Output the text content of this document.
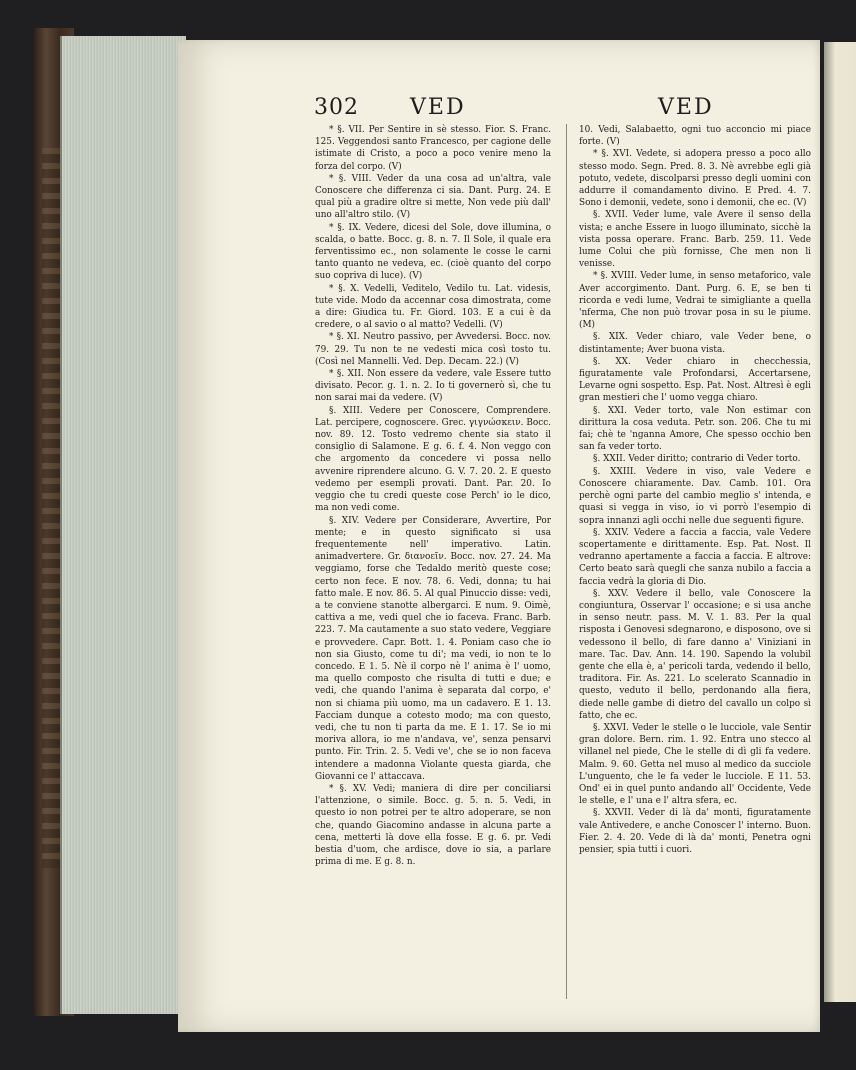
302 VED	VED

* §. VII. Per Sentire in sè stesso. Fior. S. Franc. 125. Veggendosi santo Francesco, per cagione delle istimate di Cristo, a poco a poco venire meno la forza del corpo. (V)

* §. VIII. Veder da una cosa ad un'altra, vale Conoscere che differenza ci sia. Dant. Purg. 24. E qual più a gradire oltre si mette, Non vede più dall' uno all'altro stilo. (V)

* §. IX. Vedere, dicesi del Sole, dove illumina, o scalda, o batte. Bocc. g. 8. n. 7. Il Sole, il quale era ferventissimo ec., non solamente le cosse le carni tanto quanto ne vedeva, ec. (cioè quanto del corpo suo copriva di luce). (V)

* §. X. Vedelli, Veditelo, Vedilo tu. Lat. videsis, tute vide. Modo da accennar cosa dimostrata, come a dire: Giudica tu. Fr. Giord. 103. E a cui è da credere, o al savio o al matto? Vedelli. (V)

* §. XI. Neutro passivo, per Avvedersi. Bocc. nov. 79. 29. Tu non te ne vedesti mica così tosto tu. (Così nel Mannelli. Ved. Dep. Decam. 22.) (V)

* §. XII. Non essere da vedere, vale Essere tutto divisato. Pecor. g. 1. n. 2. Io ti governerò sì, che tu non sarai mai da vedere. (V)

§. XIII. Vedere per Conoscere, Comprendere. Lat. percipere, cognoscere. Grec. γιγνώσκειν. Bocc. nov. 89. 12. Tosto vedremo chente sia stato il consiglio di Salamone. E g. 6. f. 4. Non veggo con che argomento da concedere vi possa nello avvenire riprendere alcuno. G. V. 7. 20. 2. E questo vedemo per esempli provati. Dant. Par. 20. Io veggio che tu credi queste cose Perch' io le dico, ma non vedi come.

§. XIV. Vedere per Considerare, Avvertire, Por mente; e in questo significato si usa frequentemente nell' imperativo. Latin. animadvertere. Gr. διανοεῖν. Bocc. nov. 27. 24. Ma veggiamo, forse che Tedaldo meritò queste cose; certo non fece. E nov. 78. 6. Vedi, donna; tu hai fatto male. E nov. 86. 5. Al qual Pinuccio disse: vedi, a te conviene stanotte albergarci. E num. 9. Oimè, cattiva a me, vedi quel che io faceva. Franc. Barb. 223. 7. Ma cautamente a suo stato vedere, Veggiare e provvedere. Capr. Bott. 1. 4. Poniam caso che io non sia Giusto, come tu di'; ma vedi, io non te lo concedo. E 1. 5. Nè il corpo nè l' anima è l' uomo, ma quello composto che risulta di tutti e due; e vedi, che quando l'anima è separata dal corpo, e' non si chiama più uomo, ma un cadavero. E 1. 13. Facciam dunque a cotesto modo; ma con questo, vedi, che tu non ti parta da me. E 1. 17. Se io mi moriva allora, io me n'andava, ve', senza pensarvi punto. Fir. Trin. 2. 5. Vedi ve', che se io non faceva intendere a madonna Violante questa giarda, che Giovanni ce l' attaccava.

* §. XV. Vedi; maniera di dire per conciliarsi l'attenzione, o simile. Bocc. g. 5. n. 5. Vedi, in questo io non potrei per te altro adoperare, se non che, quando Giacomino andasse in alcuna parte a cena, metterti là dove ella fosse. E g. 6. pr. Vedi bestia d'uom, che ardisce, dove io sia, a parlare prima di me. E g. 8. n.

10. Vedi, Salabaetto, ogni tuo acconcio mi piace forte. (V)

* §. XVI. Vedete, si adopera presso a poco allo stesso modo. Segn. Pred. 8. 3. Nè avrebbe egli già potuto, vedete, discolparsi presso degli uomini con addurre il comandamento divino. E Pred. 4. 7. Sono i demonii, vedete, sono i demonii, che ec. (V)

§. XVII. Veder lume, vale Avere il senso della vista; e anche Essere in luogo illuminato, sicchè la vista possa operare. Franc. Barb. 259. 11. Vede lume Colui che più fornisse, Che men non li venisse.

* §. XVIII. Veder lume, in senso metaforico, vale Aver accorgimento. Dant. Purg. 6. E, se ben ti ricorda e vedi lume, Vedrai te simigliante a quella 'nferma, Che non può trovar posa in su le piume. (M)

§. XIX. Veder chiaro, vale Veder bene, o distintamente; Aver buona vista.

§. XX. Veder chiaro in checchessia, figuratamente vale Profondarsi, Accertarsene, Levarne ogni sospetto. Esp. Pat. Nost. Altresì è egli gran mestieri che l' uomo vegga chiaro.

§. XXI. Veder torto, vale Non estimar con dirittura la cosa veduta. Petr. son. 206. Che tu mi fai; chè te 'nganna Amore, Che spesso occhio ben san fa veder torto.

§. XXII. Veder diritto; contrario di Veder torto.

§. XXIII. Vedere in viso, vale Vedere e Conoscere chiaramente. Dav. Camb. 101. Ora perchè ogni parte del cambio meglio s' intenda, e quasi si vegga in viso, io vi porrò l'esempio di sopra innanzi agli occhi nelle due seguenti figure.

§. XXIV. Vedere a faccia a faccia, vale Vedere scopertamente e dirittamente. Esp. Pat. Nost. Il vedranno apertamente a faccia a faccia. E altrove: Certo beato sarà quegli che sanza nubilo a faccia a faccia vedrà la gloria di Dio.

§. XXV. Vedere il bello, vale Conoscere la congiuntura, Osservar l' occasione; e si usa anche in senso neutr. pass. M. V. 1. 83. Per la qual risposta i Genovesi sdegnarono, e disposono, ove si vedessono il bello, di fare danno a' Viniziani in mare. Tac. Dav. Ann. 14. 190. Sapendo la volubil gente che ella è, a' pericoli tarda, vedendo il bello, traditora. Fir. As. 221. Lo scelerato Scannadio in questo, veduto il bello, perdonando alla fiera, diede nelle gambe di dietro del cavallo un colpo sì fatto, che ec.

§. XXVI. Veder le stelle o le lucciole, vale Sentir gran dolore. Bern. rim. 1. 92. Entra uno stecco al villanel nel piede, Che le stelle di dì gli fa vedere. Malm. 9. 60. Getta nel muso al medico da succiole L'unguento, che le fa veder le lucciole. E 11. 53. Ond' ei in quel punto andando all' Occidente, Vede le stelle, e l' una e l' altra sfera, ec.

§. XXVII. Veder di là da' monti, figuratamente vale Antivedere, e anche Conoscer l' interno. Buon. Fier. 2. 4. 20. Vede di là da' monti, Penetra ogni pensier, spia tutti i cuori.
